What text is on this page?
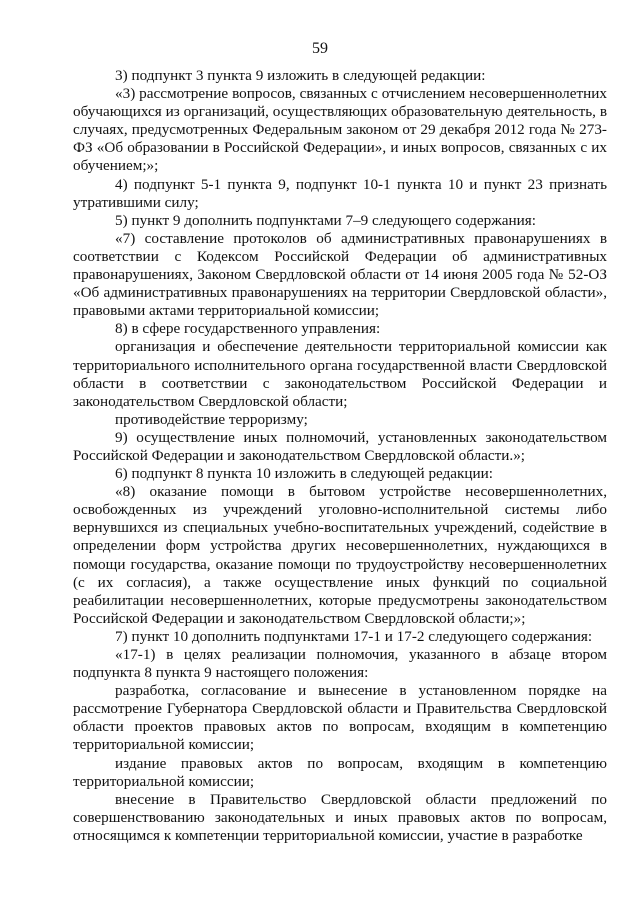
59

3) подпункт 3 пункта 9 изложить в следующей редакции:

«3) рассмотрение вопросов, связанных с отчислением несовершеннолетних обучающихся из организаций, осуществляющих образовательную деятельность, в случаях, предусмотренных Федеральным законом от 29 декабря 2012 года № 273-ФЗ «Об образовании в Российской Федерации», и иных вопросов, связанных с их обучением;»;

4) подпункт 5-1 пункта 9, подпункт 10-1 пункта 10 и пункт 23 признать утратившими силу;

5) пункт 9 дополнить подпунктами 7–9 следующего содержания:

«7) составление протоколов об административных правонарушениях в соответствии с Кодексом Российской Федерации об административных правонарушениях, Законом Свердловской области от 14 июня 2005 года № 52-ОЗ «Об административных правонарушениях на территории Свердловской области», правовыми актами территориальной комиссии;

8) в сфере государственного управления:

организация и обеспечение деятельности территориальной комиссии как территориального исполнительного органа государственной власти Свердловской области в соответствии с законодательством Российской Федерации и законодательством Свердловской области;

противодействие терроризму;

9) осуществление иных полномочий, установленных законодательством Российской Федерации и законодательством Свердловской области.»;

6) подпункт 8 пункта 10 изложить в следующей редакции:

«8) оказание помощи в бытовом устройстве несовершеннолетних, освобожденных из учреждений уголовно-исполнительной системы либо вернувшихся из специальных учебно-воспитательных учреждений, содействие в определении форм устройства других несовершеннолетних, нуждающихся в помощи государства, оказание помощи по трудоустройству несовершеннолетних (с их согласия), а также осуществление иных функций по социальной реабилитации несовершеннолетних, которые предусмотрены законодательством Российской Федерации и законодательством Свердловской области;»;

7) пункт 10 дополнить подпунктами 17-1 и 17-2 следующего содержания:

«17-1) в целях реализации полномочия, указанного в абзаце втором подпункта 8 пункта 9 настоящего положения:

разработка, согласование и вынесение в установленном порядке на рассмотрение Губернатора Свердловской области и Правительства Свердловской области проектов правовых актов по вопросам, входящим в компетенцию территориальной комиссии;

издание правовых актов по вопросам, входящим в компетенцию территориальной комиссии;

внесение в Правительство Свердловской области предложений по совершенствованию законодательных и иных правовых актов по вопросам, относящимся к компетенции территориальной комиссии, участие в разработке
